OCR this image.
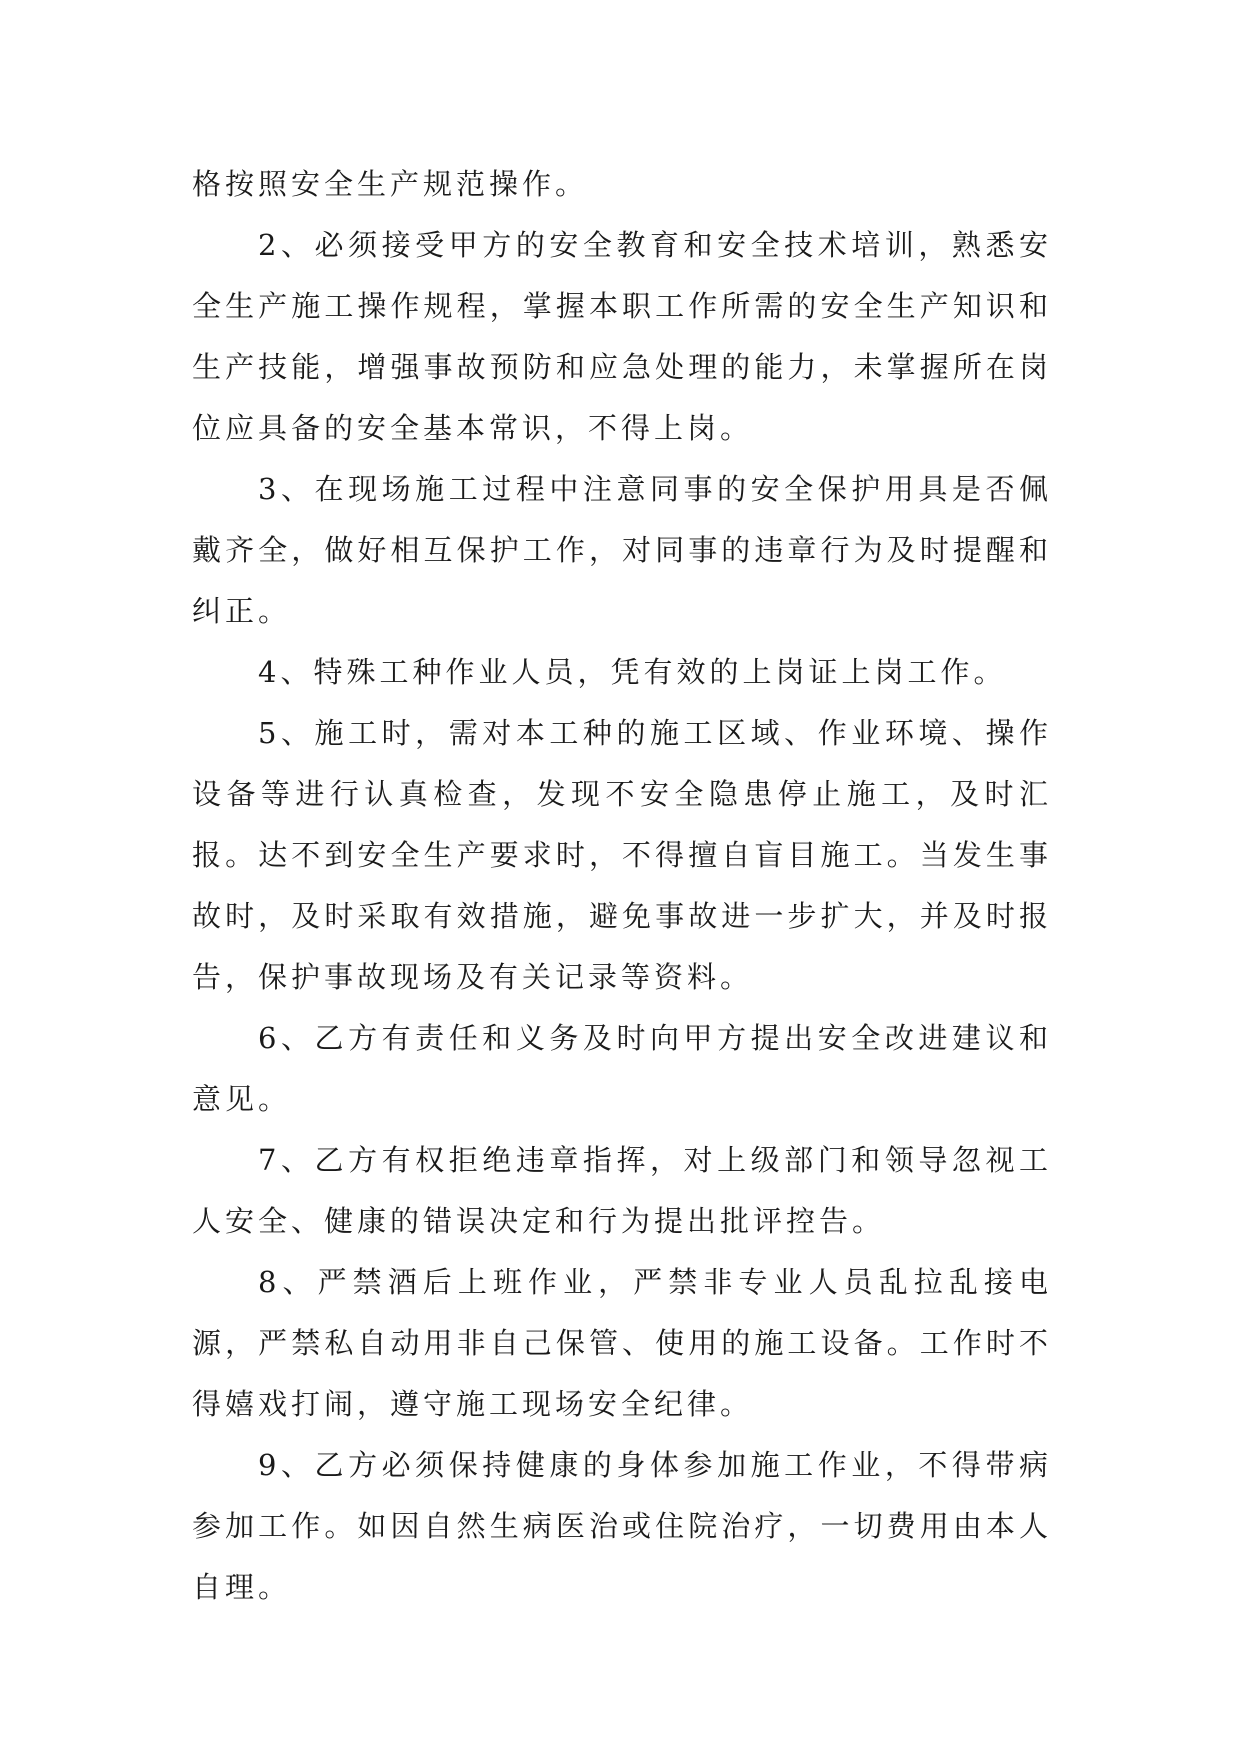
格按照安全生产规范操作。

2、必须接受甲方的安全教育和安全技术培训，熟悉安全生产施工操作规程，掌握本职工作所需的安全生产知识和生产技能，增强事故预防和应急处理的能力，未掌握所在岗位应具备的安全基本常识，不得上岗。

3、在现场施工过程中注意同事的安全保护用具是否佩戴齐全，做好相互保护工作，对同事的违章行为及时提醒和纠正。

4、特殊工种作业人员，凭有效的上岗证上岗工作。

5、施工时，需对本工种的施工区域、作业环境、操作设备等进行认真检查，发现不安全隐患停止施工，及时汇报。达不到安全生产要求时，不得擅自盲目施工。当发生事故时，及时采取有效措施，避免事故进一步扩大，并及时报告，保护事故现场及有关记录等资料。

6、乙方有责任和义务及时向甲方提出安全改进建议和意见。

7、乙方有权拒绝违章指挥，对上级部门和领导忽视工人安全、健康的错误决定和行为提出批评控告。

8、严禁酒后上班作业，严禁非专业人员乱拉乱接电源，严禁私自动用非自己保管、使用的施工设备。工作时不得嬉戏打闹，遵守施工现场安全纪律。

9、乙方必须保持健康的身体参加施工作业，不得带病参加工作。如因自然生病医治或住院治疗，一切费用由本人自理。
